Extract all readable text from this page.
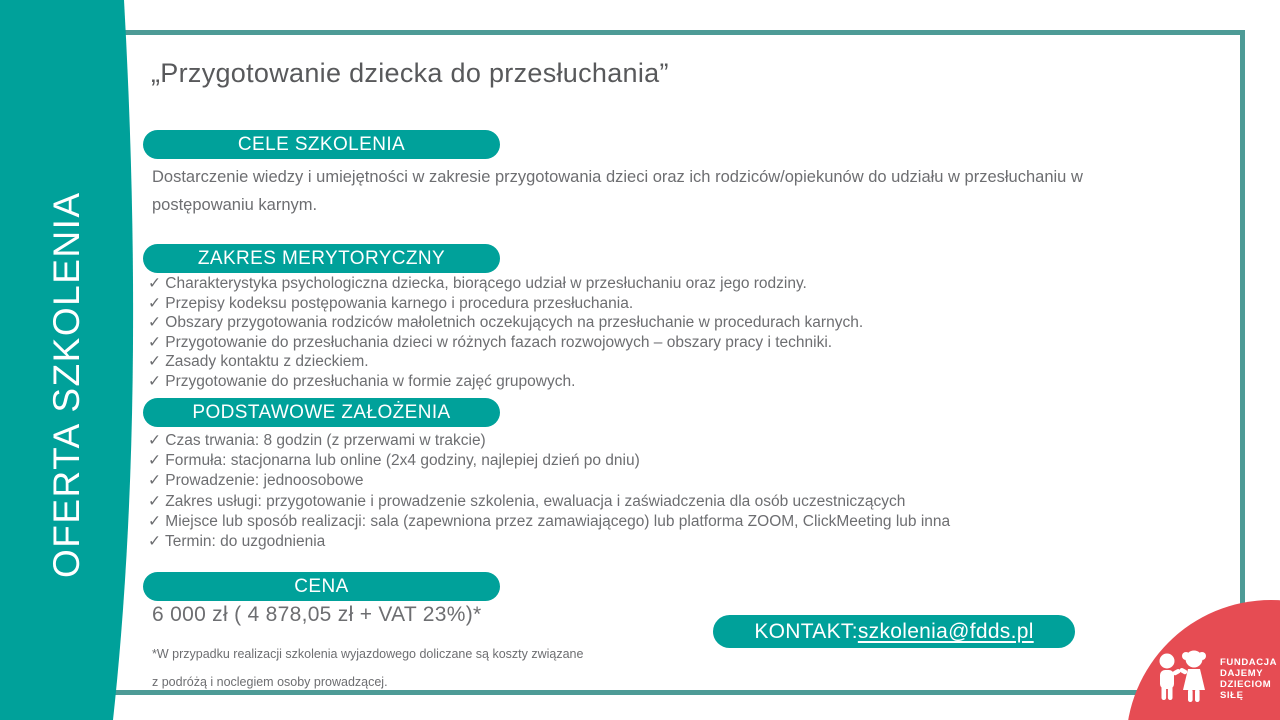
OFERTA SZKOLENIA
„Przygotowanie dziecka do przesłuchania”
CELE SZKOLENIA

Dostarczenie wiedzy i umiejętności w zakresie przygotowania dzieci oraz ich rodziców/opiekunów do udziału w przesłuchaniu w postępowaniu karnym.

ZAKRES MERYTORYCZNY
✓ Charakterystyka psychologiczna dziecka, biorącego udział w przesłuchaniu oraz jego rodziny.
✓ Przepisy kodeksu postępowania karnego i procedura przesłuchania.
✓ Obszary przygotowania rodziców małoletnich oczekujących na przesłuchanie w procedurach karnych.
✓ Przygotowanie do przesłuchania dzieci w różnych fazach rozwojowych – obszary pracy i techniki.
✓ Zasady kontaktu z dzieckiem.
✓ Przygotowanie do przesłuchania w formie zajęć grupowych.
PODSTAWOWE ZAŁOŻENIA
✓ Czas trwania: 8 godzin (z przerwami w trakcie)
✓ Formuła: stacjonarna lub online (2x4 godziny, najlepiej dzień po dniu)
✓ Prowadzenie: jednoosobowe
✓ Zakres usługi: przygotowanie i prowadzenie szkolenia, ewaluacja i zaświadczenia dla osób uczestniczących
✓ Miejsce lub sposób realizacji: sala (zapewniona przez zamawiającego) lub platforma ZOOM, ClickMeeting lub inna
✓ Termin: do uzgodnienia
CENA
6 000 zł ( 4 878,05 zł + VAT 23%)*
*W przypadku realizacji szkolenia wyjazdowego doliczane są koszty związane
z podróżą i noclegiem osoby prowadzącej.
KONTAKT: szkolenia@fdds.pl
FUNDACJA
DAJEMY
DZIECIOM
SIŁĘ
